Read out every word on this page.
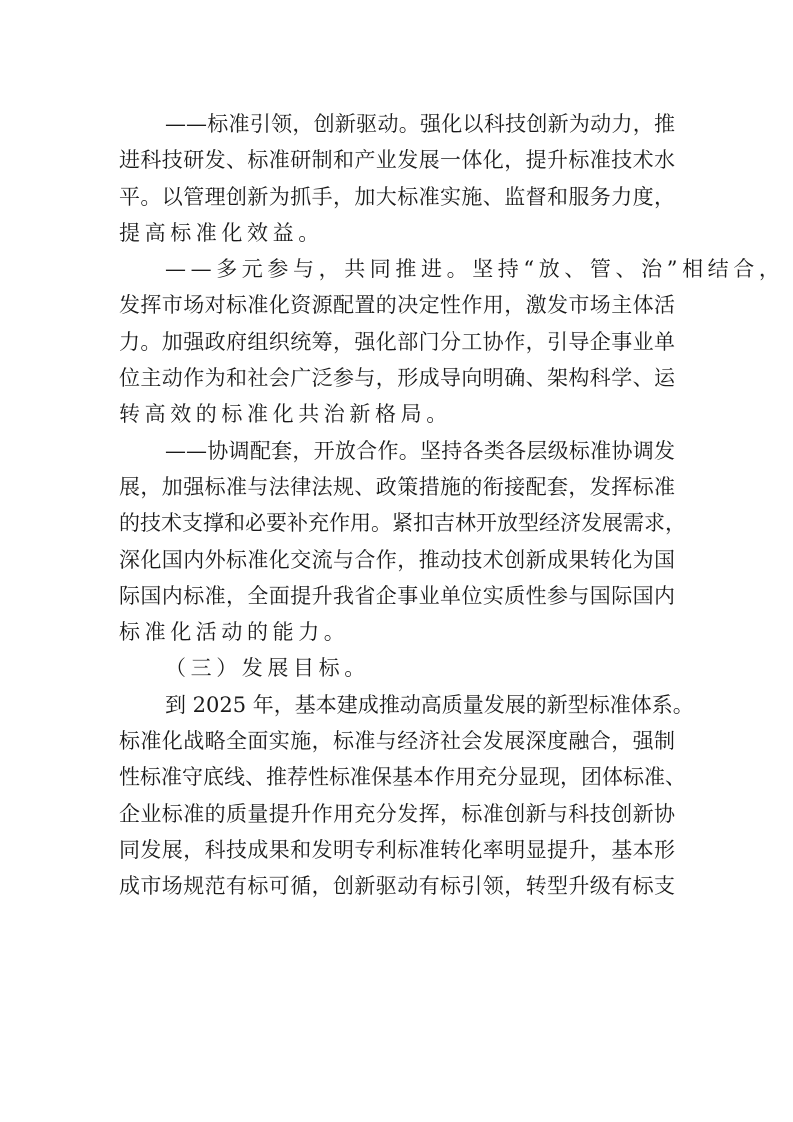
——标准引领，创新驱动。强化以科技创新为动力，推
进科技研发、标准研制和产业发展一体化，提升标准技术水
平。以管理创新为抓手，加大标准实施、监督和服务力度，
提高标准化效益。
——多元参与，共同推进。坚持“放、管、治”相结合，
发挥市场对标准化资源配置的决定性作用，激发市场主体活
力。加强政府组织统筹，强化部门分工协作，引导企事业单
位主动作为和社会广泛参与，形成导向明确、架构科学、运
转高效的标准化共治新格局。
——协调配套，开放合作。坚持各类各层级标准协调发
展，加强标准与法律法规、政策措施的衔接配套，发挥标准
的技术支撑和必要补充作用。紧扣吉林开放型经济发展需求，
深化国内外标准化交流与合作，推动技术创新成果转化为国
际国内标准，全面提升我省企事业单位实质性参与国际国内
标准化活动的能力。
（三）发展目标。
到 2025 年，基本建成推动高质量发展的新型标准体系。
标准化战略全面实施，标准与经济社会发展深度融合，强制
性标准守底线、推荐性标准保基本作用充分显现，团体标准、
企业标准的质量提升作用充分发挥，标准创新与科技创新协
同发展，科技成果和发明专利标准转化率明显提升，基本形
成市场规范有标可循，创新驱动有标引领，转型升级有标支
